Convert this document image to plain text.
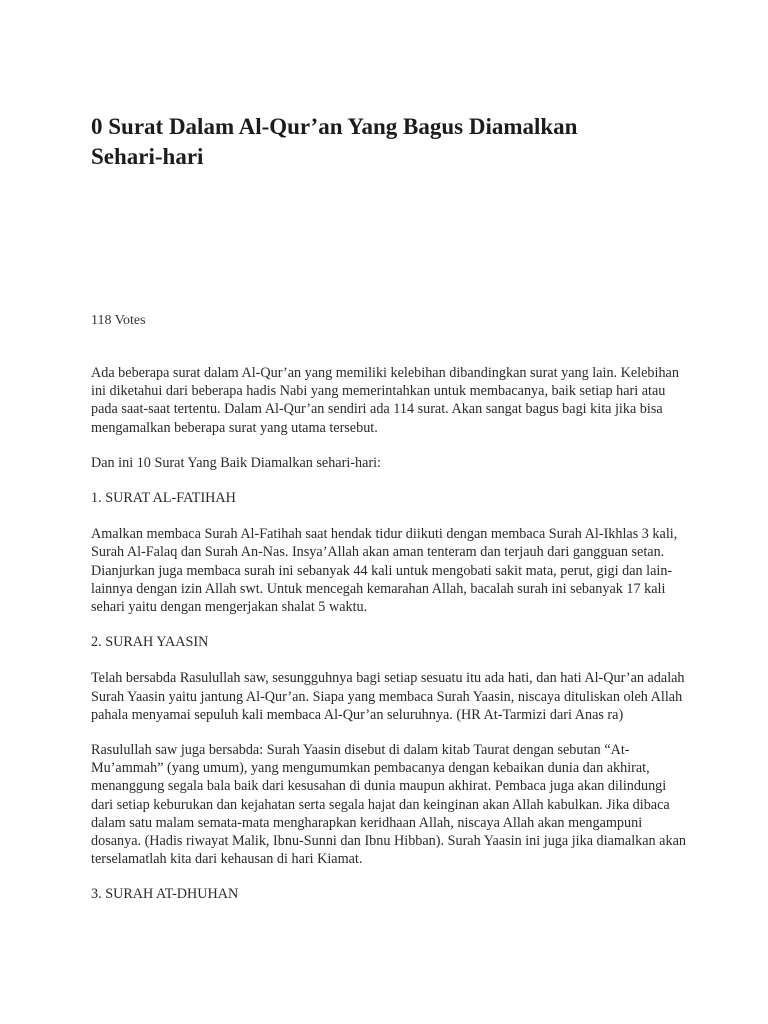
0 Surat Dalam Al-Qur’an Yang Bagus Diamalkan Sehari-hari

118 Votes

Ada beberapa surat dalam Al-Qur’an yang memiliki kelebihan dibandingkan surat yang lain. Kelebihan ini diketahui dari beberapa hadis Nabi yang memerintahkan untuk membacanya, baik setiap hari atau pada saat-saat tertentu. Dalam Al-Qur’an sendiri ada 114 surat. Akan sangat bagus bagi kita jika bisa mengamalkan beberapa surat yang utama tersebut.

Dan ini 10 Surat Yang Baik Diamalkan sehari-hari:

1. SURAT AL-FATIHAH

Amalkan membaca Surah Al-Fatihah saat hendak tidur diikuti dengan membaca Surah Al-Ikhlas 3 kali, Surah Al-Falaq dan Surah An-Nas. Insya’Allah akan aman tenteram dan terjauh dari gangguan setan. Dianjurkan juga membaca surah ini sebanyak 44 kali untuk mengobati sakit mata, perut, gigi dan lain-lainnya dengan izin Allah swt. Untuk mencegah kemarahan Allah, bacalah surah ini sebanyak 17 kali sehari yaitu dengan mengerjakan shalat 5 waktu.

2. SURAH YAASIN

Telah bersabda Rasulullah saw, sesungguhnya bagi setiap sesuatu itu ada hati, dan hati Al-Qur’an adalah Surah Yaasin yaitu jantung Al-Qur’an. Siapa yang membaca Surah Yaasin, niscaya dituliskan oleh Allah pahala menyamai sepuluh kali membaca Al-Qur’an seluruhnya. (HR At-Tarmizi dari Anas ra)

Rasulullah saw juga bersabda: Surah Yaasin disebut di dalam kitab Taurat dengan sebutan “At-Mu’ammah” (yang umum), yang mengumumkan pembacanya dengan kebaikan dunia dan akhirat, menanggung segala bala baik dari kesusahan di dunia maupun akhirat. Pembaca juga akan dilindungi dari setiap keburukan dan kejahatan serta segala hajat dan keinginan akan Allah kabulkan. Jika dibaca dalam satu malam semata-mata mengharapkan keridhaan Allah, niscaya Allah akan mengampuni dosanya. (Hadis riwayat Malik, Ibnu-Sunni dan Ibnu Hibban). Surah Yaasin ini juga jika diamalkan akan terselamatlah kita dari kehausan di hari Kiamat.

3. SURAH AT-DHUHAN
